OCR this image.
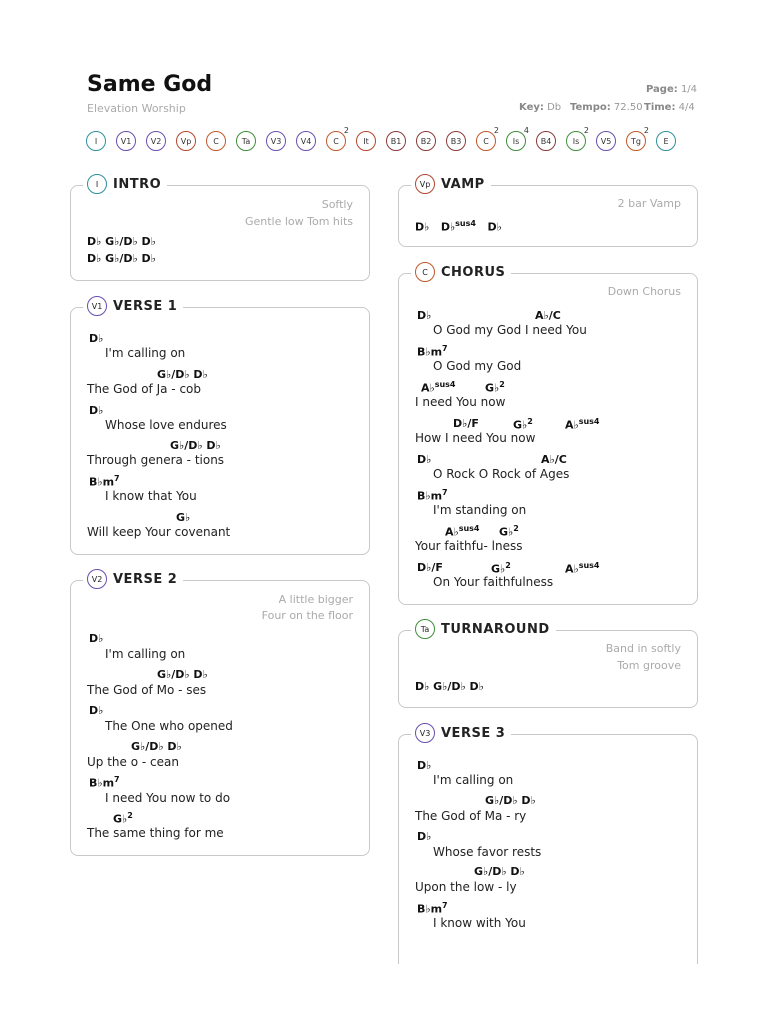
Same God
Elevation Worship
Page: 1/4
Key: Db Tempo: 72.50 Time: 4/4
I	V1 V2 Vp	C	Ta	V3 V4	C
2
It	B1 B2 B3	C
2
Is
4
B4	Is
2
V5 Tg
2
E
I	INTRO
Softly
Gentle low Tom hits
D♭ G♭/D♭ D♭
D♭ G♭/D♭ D♭
V1 VERSE 1
D♭
I'm calling on
G♭/D♭ D♭
The God of Ja - cob
D♭
Whose love endures
G♭/D♭ D♭
Through genera - tions
$B♭m^7$
I know that You
G♭
Will keep Your covenant
V2 VERSE 2
A little bigger
Four on the floor
D♭
I'm calling on
G♭/D♭ D♭
The God of Mo - ses
D♭
The One who opened
G♭/D♭ D♭
Up the o - cean
$B♭m^7$
I need You now to do
G♭$^2$
The same thing for me
Vp VAMP
2 bar Vamp
D♭ D♭$^{sus4}$ D♭
C	CHORUS
Down Chorus
D♭	A♭/C
O God my God I need You
$B♭m^7$
O God my God
A♭$^{sus4}$	G♭$^2$
I need You now
D♭/F	G♭$^2$	A♭$^{sus4}$
How I need You now
D♭	A♭/C
O Rock O Rock of Ages
$B♭m^7$
I'm standing on
A♭$^{sus4}$ G♭$^2$
Your faithfu- lness
D♭/F	G♭$^2$	A♭$^{sus4}$
On Your faithfulness
Ta TURNAROUND
Band in softly
Tom groove
D♭ G♭/D♭ D♭
V3 VERSE 3
D♭
I'm calling on
G♭/D♭ D♭
The God of Ma - ry
D♭
Whose favor rests
G♭/D♭ D♭
Upon the low - ly
$B♭m^7$
I know with You
